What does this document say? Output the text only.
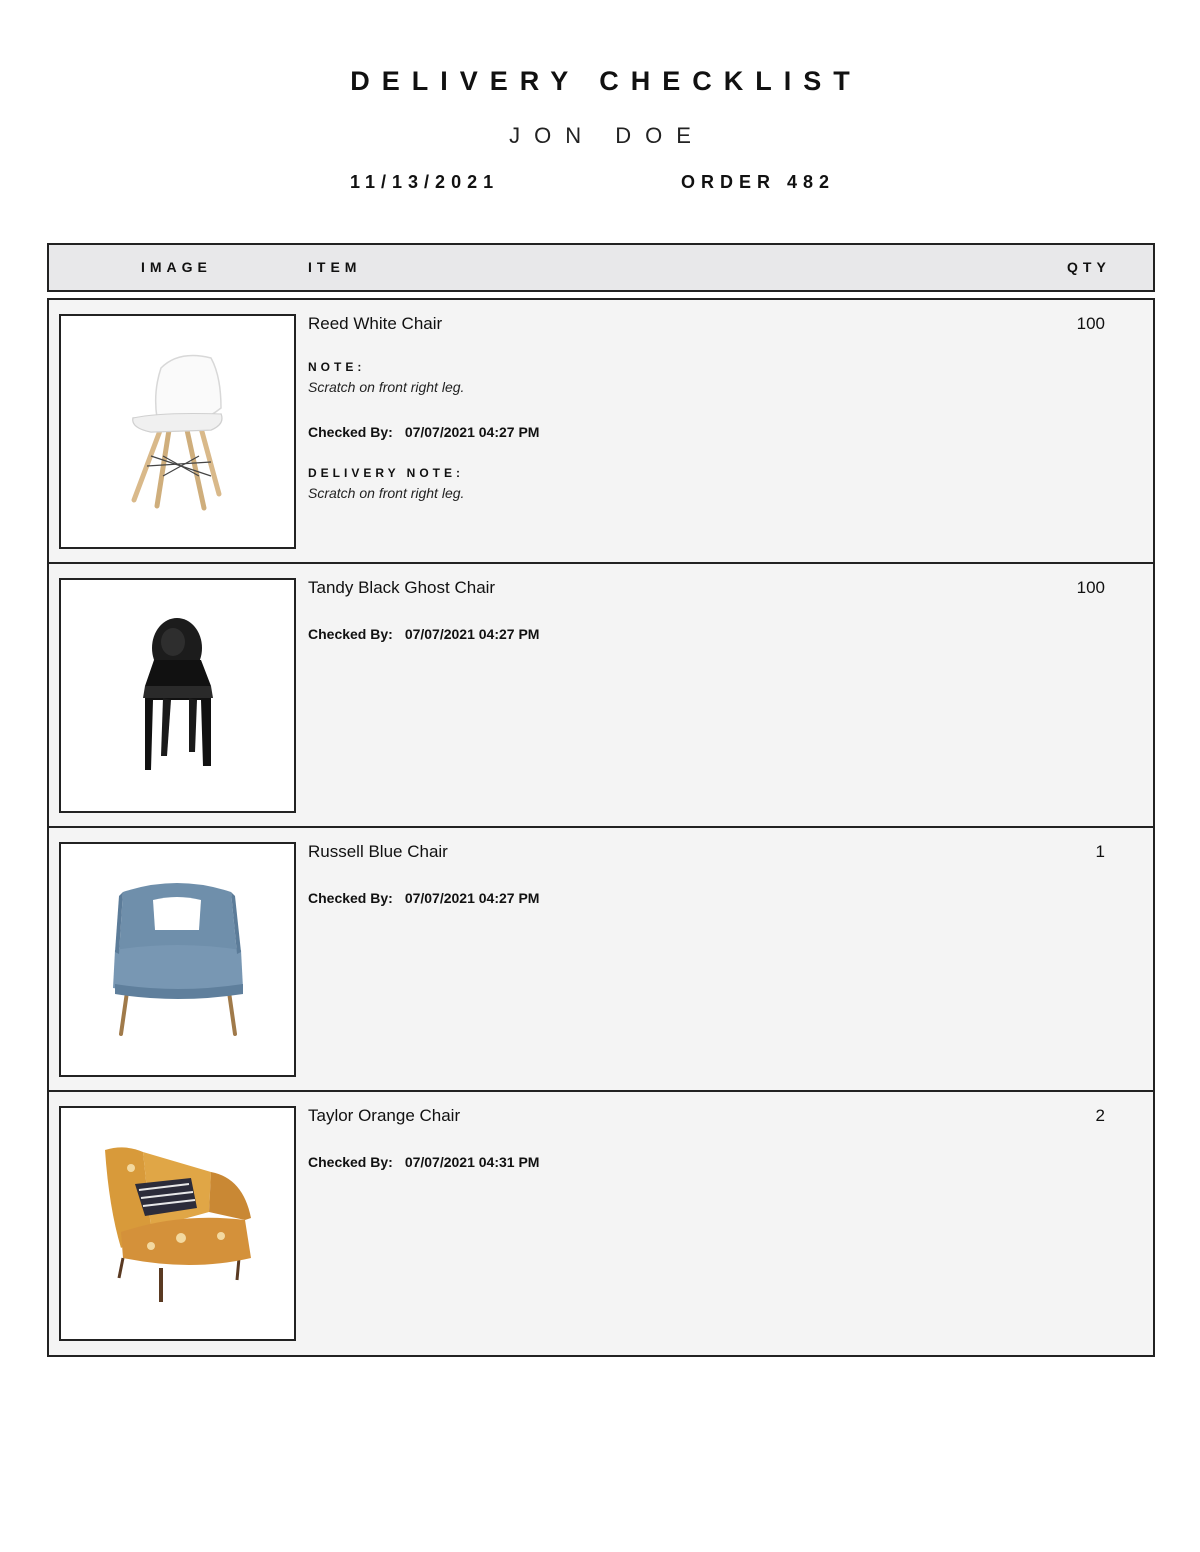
DELIVERY CHECKLIST
JON DOE
11/13/2021	ORDER 482
IMAGE	ITEM	QTY
Reed White Chair	100
NOTE:
Scratch on front right leg.
Checked By: 07/07/2021 04:27 PM
DELIVERY NOTE:
Scratch on front right leg.
Tandy Black Ghost Chair	100
Checked By: 07/07/2021 04:27 PM
Russell Blue Chair	1
Checked By: 07/07/2021 04:27 PM
Taylor Orange Chair	2
Checked By: 07/07/2021 04:31 PM
